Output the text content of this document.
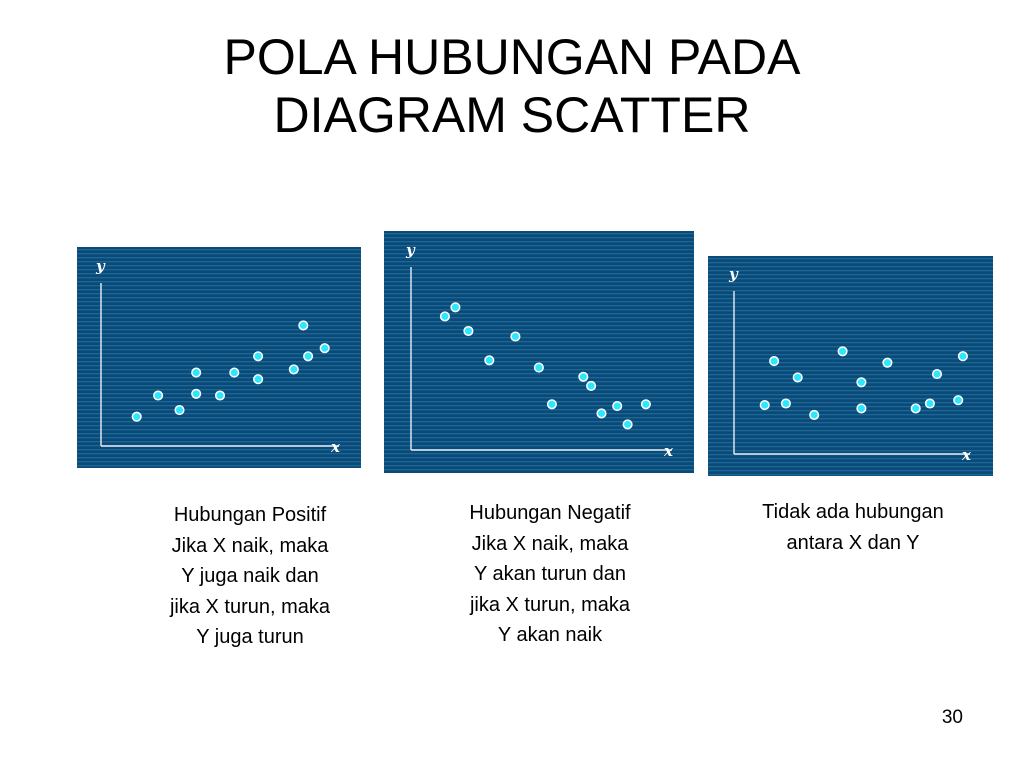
POLA HUBUNGAN PADA
DIAGRAM SCATTER
y
x
y
x
y
x
Hubungan Positif
Jika X naik, maka
Y juga naik dan
jika X turun, maka
Y juga turun
Hubungan Negatif
Jika X naik, maka
Y akan turun dan
jika X turun, maka
Y akan naik
Tidak ada hubungan
antara X dan Y
30
